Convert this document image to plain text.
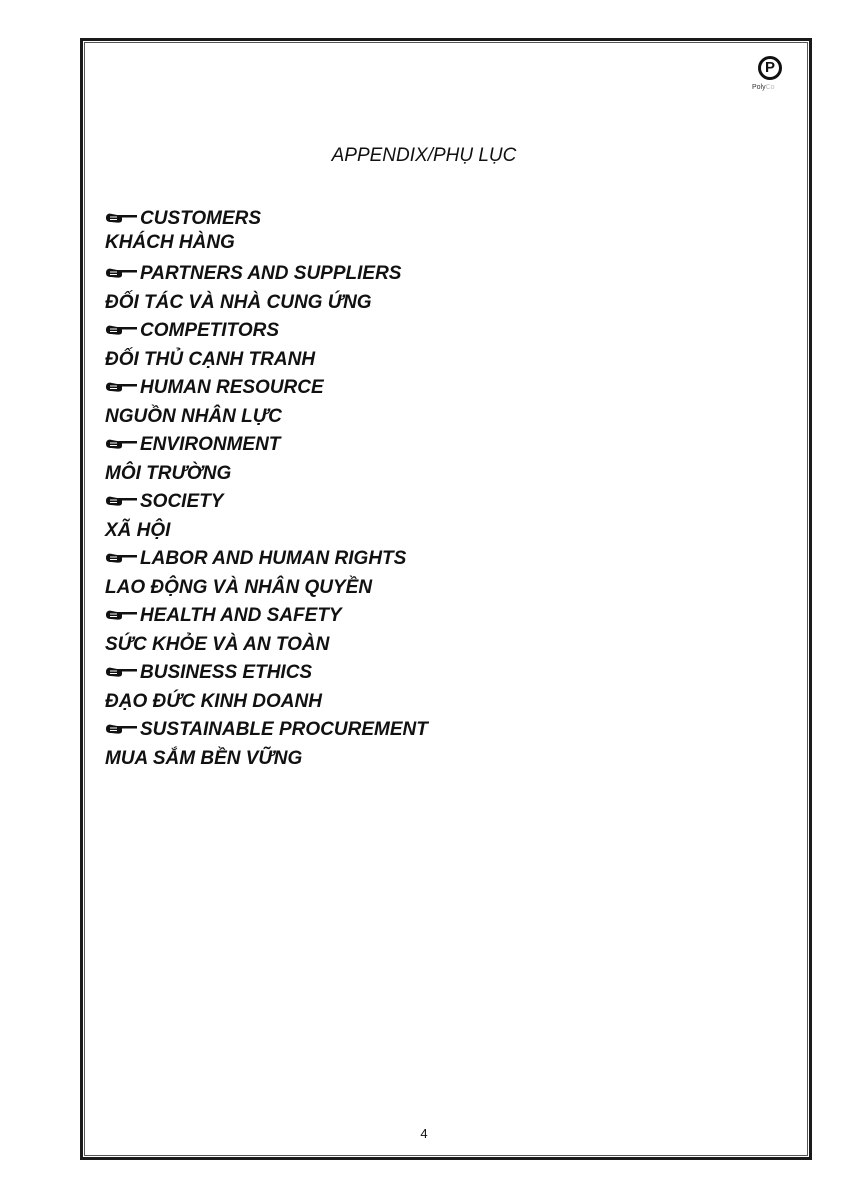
P
PolyCo
APPENDIX/PHỤ LỤC
CUSTOMERS
KHÁCH HÀNG
PARTNERS AND SUPPLIERS
ĐỐI TÁC VÀ NHÀ CUNG ỨNG
COMPETITORS
ĐỐI THỦ CẠNH TRANH
HUMAN RESOURCE
NGUỒN NHÂN LỰC
ENVIRONMENT
MÔI TRƯỜNG
SOCIETY
XÃ HỘI
LABOR AND HUMAN RIGHTS
LAO ĐỘNG VÀ NHÂN QUYỀN
HEALTH AND SAFETY
SỨC KHỎE VÀ AN TOÀN
BUSINESS ETHICS
ĐẠO ĐỨC KINH DOANH
SUSTAINABLE PROCUREMENT
MUA SẮM BỀN VỮNG
4
